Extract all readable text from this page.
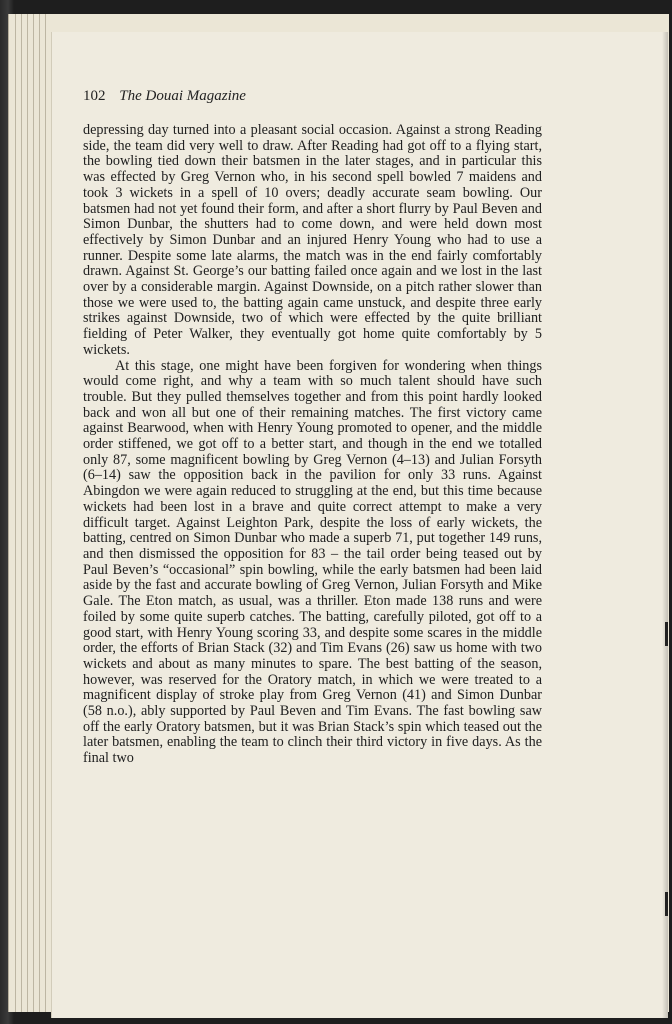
102 The Douai Magazine

depressing day turned into a pleasant social occasion. Against a strong Reading side, the team did very well to draw. After Reading had got off to a flying start, the bowling tied down their batsmen in the later stages, and in particular this was effected by Greg Vernon who, in his second spell bowled 7 maidens and took 3 wickets in a spell of 10 overs; deadly accurate seam bowling. Our batsmen had not yet found their form, and after a short flurry by Paul Beven and Simon Dunbar, the shutters had to come down, and were held down most effectively by Simon Dunbar and an injured Henry Young who had to use a runner. Despite some late alarms, the match was in the end fairly comfortably drawn. Against St. George’s our batting failed once again and we lost in the last over by a considerable margin. Against Downside, on a pitch rather slower than those we were used to, the batting again came unstuck, and despite three early strikes against Downside, two of which were effected by the quite brilliant fielding of Peter Walker, they eventually got home quite comfortably by 5 wickets.

At this stage, one might have been forgiven for wondering when things would come right, and why a team with so much talent should have such trouble. But they pulled themselves together and from this point hardly looked back and won all but one of their remaining matches. The first victory came against Bearwood, when with Henry Young promoted to opener, and the middle order stiffened, we got off to a better start, and though in the end we totalled only 87, some magnificent bowling by Greg Vernon (4–13) and Julian Forsyth (6–14) saw the opposition back in the pavilion for only 33 runs. Against Abingdon we were again reduced to struggling at the end, but this time because wickets had been lost in a brave and quite correct attempt to make a very difficult target. Against Leighton Park, despite the loss of early wickets, the batting, centred on Simon Dunbar who made a superb 71, put together 149 runs, and then dismissed the opposition for 83 – the tail order being teased out by Paul Beven’s “occasional” spin bowling, while the early batsmen had been laid aside by the fast and accurate bowling of Greg Vernon, Julian Forsyth and Mike Gale. The Eton match, as usual, was a thriller. Eton made 138 runs and were foiled by some quite superb catches. The batting, carefully piloted, got off to a good start, with Henry Young scoring 33, and despite some scares in the middle order, the efforts of Brian Stack (32) and Tim Evans (26) saw us home with two wickets and about as many minutes to spare. The best batting of the season, however, was reserved for the Oratory match, in which we were treated to a magnificent display of stroke play from Greg Vernon (41) and Simon Dunbar (58 n.o.), ably supported by Paul Beven and Tim Evans. The fast bowling saw off the early Oratory batsmen, but it was Brian Stack’s spin which teased out the later batsmen, enabling the team to clinch their third victory in five days. As the final two
